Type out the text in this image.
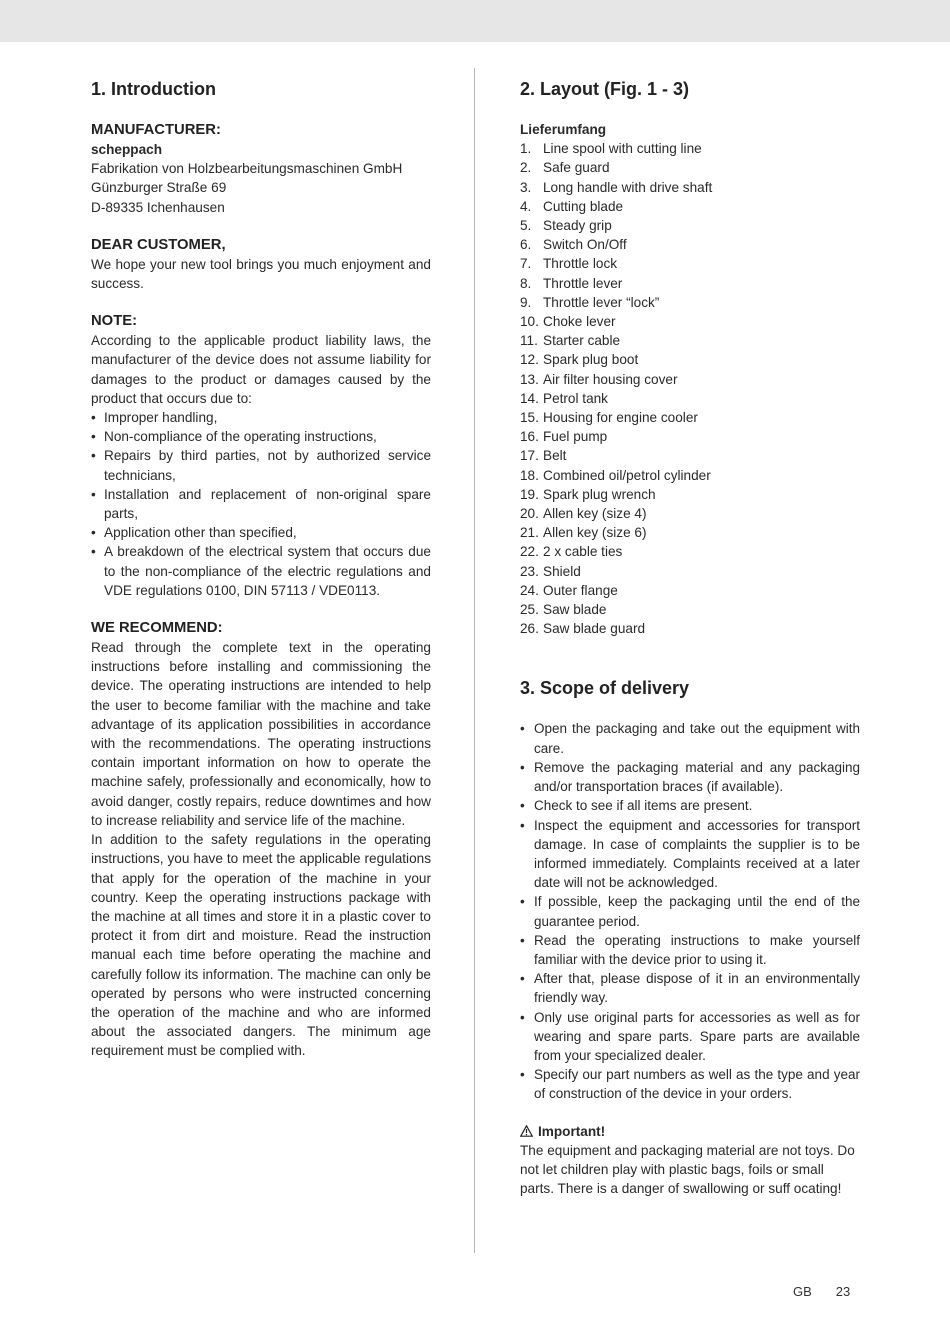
1. Introduction
MANUFACTURER:

scheppach

Fabrikation von Holzbearbeitungsmaschinen GmbH

Günzburger Straße 69

D-89335 Ichenhausen

DEAR CUSTOMER,

We hope your new tool brings you much enjoyment and success.

NOTE:

According to the applicable product liability laws, the manufacturer of the device does not assume liability for damages to the product or damages caused by the product that occurs due to:

• Improper handling,
• Non-compliance of the operating instructions,
• Repairs by third parties, not by authorized service technicians,
• Installation and replacement of non-original spare parts,
• Application other than specified,
• A breakdown of the electrical system that occurs due to the non-compliance of the electric regulations and VDE regulations 0100, DIN 57113 / VDE0113.
WE RECOMMEND:

Read through the complete text in the operating instructions before installing and commissioning the device. The operating instructions are intended to help the user to become familiar with the machine and take advantage of its application possibilities in accordance with the recommendations. The operating instructions contain important information on how to operate the machine safely, professionally and economically, how to avoid danger, costly repairs, reduce downtimes and how to increase reliability and service life of the machine.

In addition to the safety regulations in the operating instructions, you have to meet the applicable regulations that apply for the operation of the machine in your country. Keep the operating instructions package with the machine at all times and store it in a plastic cover to protect it from dirt and moisture. Read the instruction manual each time before operating the machine and carefully follow its information. The machine can only be operated by persons who were instructed concerning the operation of the machine and who are informed about the associated dangers. The minimum age requirement must be complied with.

2. Layout (Fig. 1 - 3)

Lieferumfang

1. Line spool with cutting line
2. Safe guard
3. Long handle with drive shaft
4. Cutting blade
5. Steady grip
6. Switch On/Off
7. Throttle lock
8. Throttle lever
9. Throttle lever “lock”
10. Choke lever
11. Starter cable
12. Spark plug boot
13. Air filter housing cover
14. Petrol tank
15. Housing for engine cooler
16. Fuel pump
17. Belt
18. Combined oil/petrol cylinder
19. Spark plug wrench
20. Allen key (size 4)
21. Allen key (size 6)
22. 2 x cable ties
23. Shield
24. Outer flange
25. Saw blade
26. Saw blade guard
3. Scope of delivery
• Open the packaging and take out the equipment with care.
• Remove the packaging material and any packaging and/or transportation braces (if available).
• Check to see if all items are present.
• Inspect the equipment and accessories for transport damage. In case of complaints the supplier is to be informed immediately. Complaints received at a later date will not be acknowledged.
• If possible, keep the packaging until the end of the guarantee period.
• Read the operating instructions to make yourself familiar with the device prior to using it.
• After that, please dispose of it in an environmentally friendly way.
• Only use original parts for accessories as well as for wearing and spare parts. Spare parts are available from your specialized dealer.
• Specify our part numbers as well as the type and year of construction of the device in your orders.
Important!

The equipment and packaging material are not toys. Do not let children play with plastic bags, foils or small parts. There is a danger of swallowing or suff ocating!

GB 23
